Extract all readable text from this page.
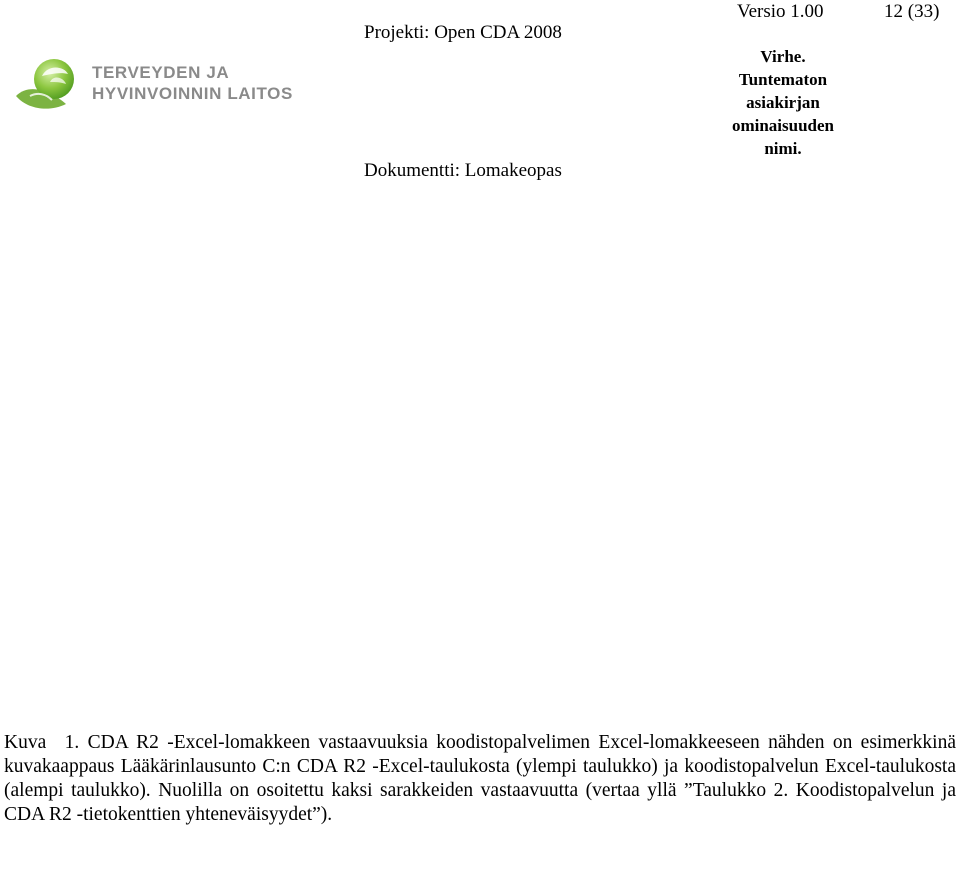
TERVEYDEN JA
HYVINVOINNIN LAITOS
Projekti: Open CDA 2008
Dokumentti: Lomakeopas
Versio 1.00	12 (33)
Virhe.
Tuntematon
asiakirjan
ominaisuuden
nimi.
Kuva 1. CDA R2 -Excel-lomakkeen vastaavuuksia koodistopalvelimen Excel-lomakkeeseen nähden on esimerkkinä kuvakaappaus Lääkärinlausunto C:n CDA R2 -Excel-taulukosta (ylempi taulukko) ja koodistopalvelun Excel-taulukosta (alempi taulukko). Nuolilla on osoitettu kaksi sarakkeiden vastaavuutta (vertaa yllä ”Taulukko 2. Koodistopalvelun ja CDA R2 -tietokenttien yhteneväisyydet”).
